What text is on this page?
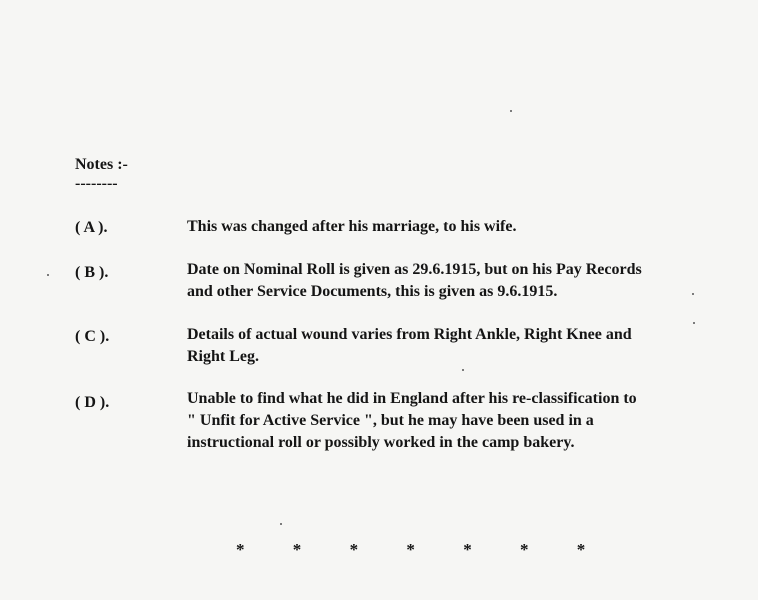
Notes :-
--------
( A ).	This was changed after his marriage, to his wife.
( B ).	Date on Nominal Roll is given as 29.6.1915, but on his Pay Records
and other Service Documents, this is given as 9.6.1915.
( C ).	Details of actual wound varies from Right Ankle, Right Knee and
Right Leg.
( D ).	Unable to find what he did in England after his re-classification to
" Unfit for Active Service ", but he may have been used in a
instructional roll or possibly worked in the camp bakery.
*	*	*	*	*	*	*
